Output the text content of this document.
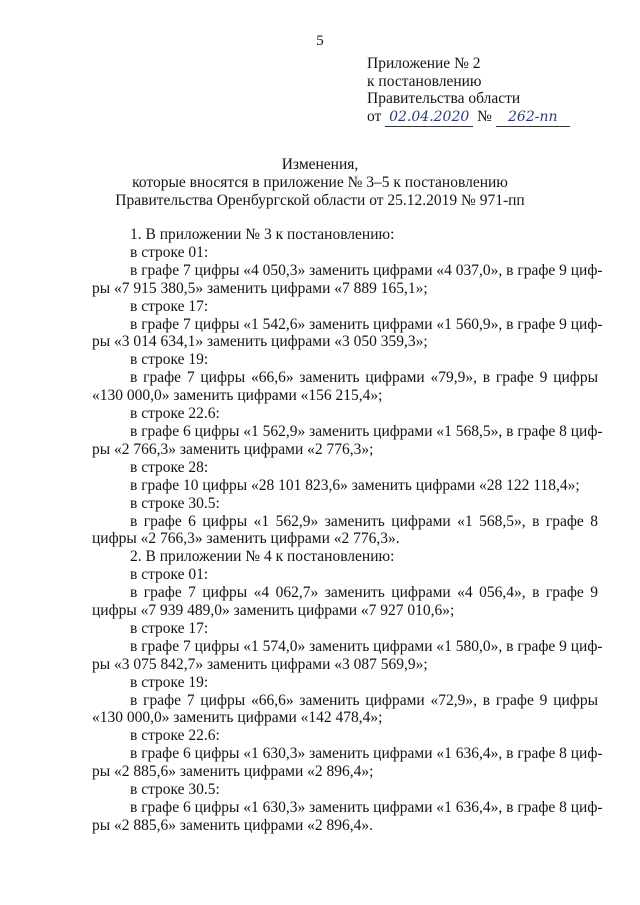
5
Приложение № 2
к постановлению
Правительства области
от 02.04.2020 № 262-пп
Изменения,
которые вносятся в приложение № 3–5 к постановлению
Правительства Оренбургской области от 25.12.2019 № 971-пп
1. В приложении № 3 к постановлению:
в строке 01:
в графе 7 цифры «4 050,3» заменить цифрами «4 037,0», в графе 9 циф-
ры «7 915 380,5» заменить цифрами «7 889 165,1»;
в строке 17:
в графе 7 цифры «1 542,6» заменить цифрами «1 560,9», в графе 9 циф-
ры «3 014 634,1» заменить цифрами «3 050 359,3»;
в строке 19:
в графе 7 цифры «66,6» заменить цифрами «79,9», в графе 9 цифры
«130 000,0» заменить цифрами «156 215,4»;
в строке 22.6:
в графе 6 цифры «1 562,9» заменить цифрами «1 568,5», в графе 8 циф-
ры «2 766,3» заменить цифрами «2 776,3»;
в строке 28:
в графе 10 цифры «28 101 823,6» заменить цифрами «28 122 118,4»;
в строке 30.5:
в графе 6 цифры «1 562,9» заменить цифрами «1 568,5», в графе 8
цифры «2 766,3» заменить цифрами «2 776,3».
2. В приложении № 4 к постановлению:
в строке 01:
в графе 7 цифры «4 062,7» заменить цифрами «4 056,4», в графе 9
цифры «7 939 489,0» заменить цифрами «7 927 010,6»;
в строке 17:
в графе 7 цифры «1 574,0» заменить цифрами «1 580,0», в графе 9 циф-
ры «3 075 842,7» заменить цифрами «3 087 569,9»;
в строке 19:
в графе 7 цифры «66,6» заменить цифрами «72,9», в графе 9 цифры
«130 000,0» заменить цифрами «142 478,4»;
в строке 22.6:
в графе 6 цифры «1 630,3» заменить цифрами «1 636,4», в графе 8 циф-
ры «2 885,6» заменить цифрами «2 896,4»;
в строке 30.5:
в графе 6 цифры «1 630,3» заменить цифрами «1 636,4», в графе 8 циф-
ры «2 885,6» заменить цифрами «2 896,4».
